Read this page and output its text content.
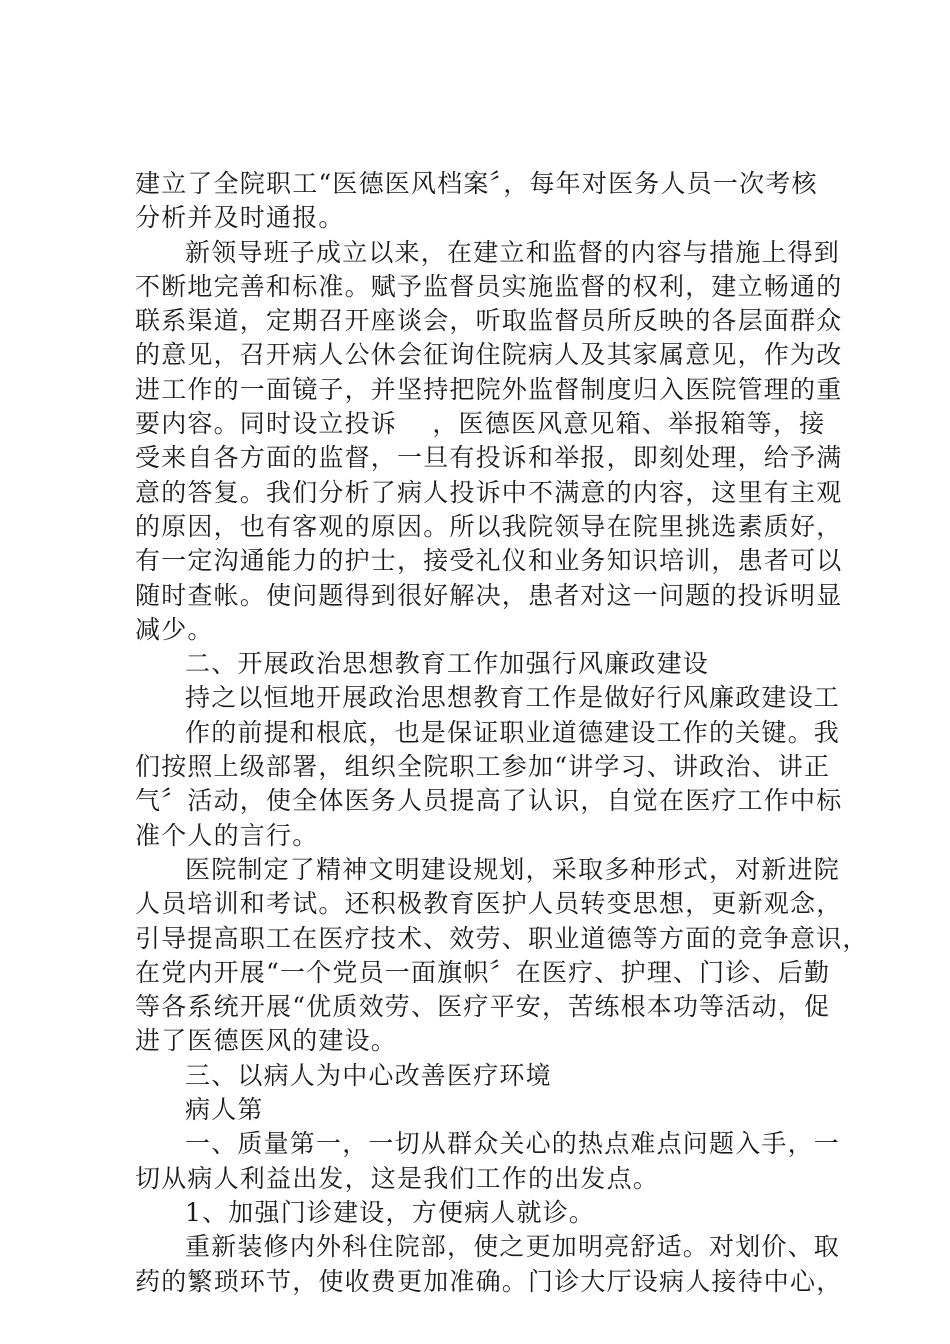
建立了全院职工“医德医风档案〞，每年对医务人员一次考核
分析并及时通报。
新领导班子成立以来，在建立和监督的内容与措施上得到
不断地完善和标准。赋予监督员实施监督的权利，建立畅通的
联系渠道，定期召开座谈会，听取监督员所反映的各层面群众
的意见，召开病人公休会征询住院病人及其家属意见，作为改
进工作的一面镜子，并坚持把院外监督制度归入医院管理的重
要内容。同时设立投诉　 ，医德医风意见箱、举报箱等，接
受来自各方面的监督，一旦有投诉和举报，即刻处理，给予满
意的答复。我们分析了病人投诉中不满意的内容，这里有主观
的原因，也有客观的原因。所以我院领导在院里挑选素质好，
有一定沟通能力的护士，接受礼仪和业务知识培训，患者可以
随时查帐。使问题得到很好解决，患者对这一问题的投诉明显
减少。
二、开展政治思想教育工作加强行风廉政建设
持之以恒地开展政治思想教育工作是做好行风廉政建设工
作的前提和根底，也是保证职业道德建设工作的关键。我
们按照上级部署，组织全院职工参加“讲学习、讲政治、讲正
气〞活动，使全体医务人员提高了认识，自觉在医疗工作中标
准个人的言行。
医院制定了精神文明建设规划，采取多种形式，对新进院
人员培训和考试。还积极教育医护人员转变思想，更新观念，
引导提高职工在医疗技术、效劳、职业道德等方面的竞争意识，
在党内开展“一个党员一面旗帜〞在医疗、护理、门诊、后勤
等各系统开展“优质效劳、医疗平安，苦练根本功等活动，促
进了医德医风的建设。
三、以病人为中心改善医疗环境
病人第
一、质量第一，一切从群众关心的热点难点问题入手，一
切从病人利益出发，这是我们工作的出发点。
1、加强门诊建设，方便病人就诊。
重新装修内外科住院部，使之更加明亮舒适。对划价、取
药的繁琐环节，使收费更加准确。门诊大厅设病人接待中心，
